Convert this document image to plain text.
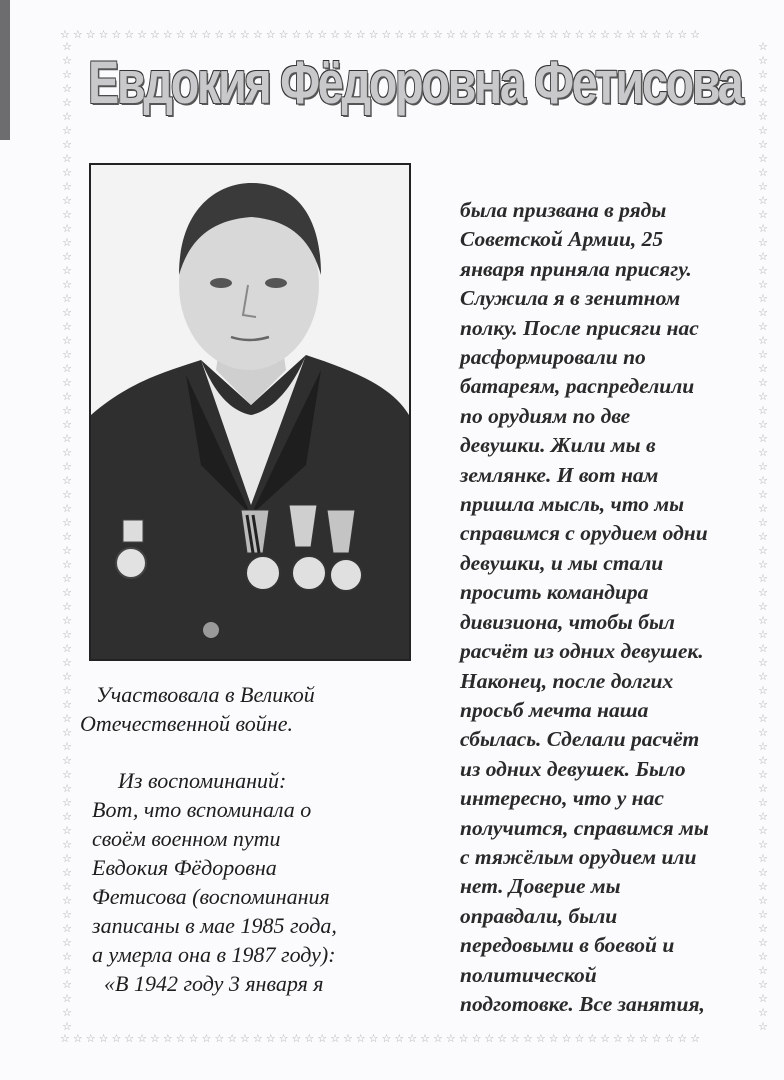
☆☆☆☆☆☆☆☆☆☆☆☆☆☆☆☆☆☆☆☆☆☆☆☆☆☆☆☆☆☆☆☆☆☆☆☆☆☆☆☆☆☆☆☆☆☆☆☆☆☆
☆☆☆☆☆☆☆☆☆☆☆☆☆☆☆☆☆☆☆☆☆☆☆☆☆☆☆☆☆☆☆☆☆☆☆☆☆☆☆☆☆☆☆☆☆☆☆☆☆☆
☆
☆
☆
☆
☆
☆
☆
☆
☆
☆
☆
☆
☆
☆
☆
☆
☆
☆
☆
☆
☆
☆
☆
☆
☆
☆
☆
☆
☆
☆
☆
☆
☆
☆
☆
☆
☆
☆
☆
☆
☆
☆
☆
☆
☆
☆
☆
☆
☆
☆
☆
☆
☆
☆
☆
☆
☆
☆
☆
☆
☆
☆
☆
☆
☆
☆
☆
☆
☆
☆
☆

☆
☆
☆
☆
☆
☆
☆
☆
☆
☆
☆
☆
☆
☆
☆
☆
☆
☆
☆
☆
☆
☆
☆
☆
☆
☆
☆
☆
☆
☆
☆
☆
☆
☆
☆
☆
☆
☆
☆
☆
☆
☆
☆
☆
☆
☆
☆
☆
☆
☆
☆
☆
☆
☆
☆
☆
☆
☆
☆
☆
☆
☆
☆
☆
☆
☆
☆
☆
☆
☆
☆

Евдокия Фёдоровна Фетисова
Участвовала в Великой
Отечественной войне.
Из воспоминаний:
Вот, что вспоминала о
своём военном пути
Евдокия Фёдоровна
Фетисова (воспоминания
записаны в мае 1985 года,
а умерла она в 1987 году):
«В 1942 году 3 января я
была призвана в ряды
Советской Армии, 25
января приняла присягу.
Служила я в зенитном
полку. После присяги нас
расформировали по
батареям, распределили
по орудиям по две
девушки. Жили мы в
землянке. И вот нам
пришла мысль, что мы
справимся с орудием одни
девушки, и мы стали
просить командира
дивизиона, чтобы был
расчёт из одних девушек.
Наконец, после долгих
просьб мечта наша
сбылась. Сделали расчёт
из одних девушек. Было
интересно, что у нас
получится, справимся мы
с тяжёлым орудием или
нет. Доверие мы
оправдали, были
передовыми в боевой и
политической
подготовке. Все занятия,
